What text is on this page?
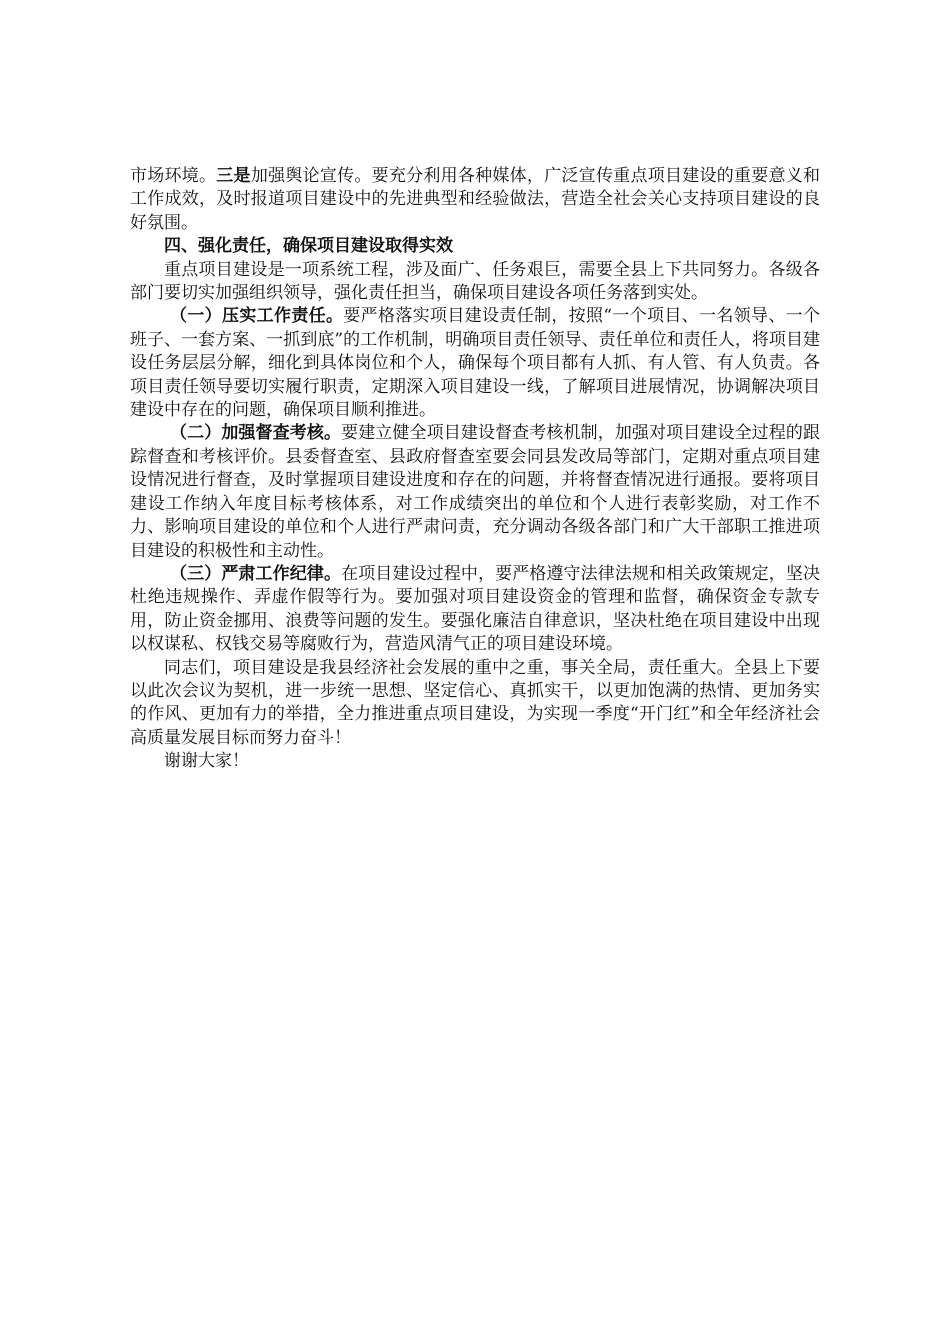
市场环境。三是加强舆论宣传。要充分利用各种媒体，广泛宣传重点项目建设的重要意义和工作成效，及时报道项目建设中的先进典型和经验做法，营造全社会关心支持项目建设的良好氛围。

四、强化责任，确保项目建设取得实效

重点项目建设是一项系统工程，涉及面广、任务艰巨，需要全县上下共同努力。各级各部门要切实加强组织领导，强化责任担当，确保项目建设各项任务落到实处。

（一）压实工作责任。要严格落实项目建设责任制，按照“一个项目、一名领导、一个班子、一套方案、一抓到底”的工作机制，明确项目责任领导、责任单位和责任人，将项目建设任务层层分解，细化到具体岗位和个人，确保每个项目都有人抓、有人管、有人负责。各项目责任领导要切实履行职责，定期深入项目建设一线，了解项目进展情况，协调解决项目建设中存在的问题，确保项目顺利推进。

（二）加强督查考核。要建立健全项目建设督查考核机制，加强对项目建设全过程的跟踪督查和考核评价。县委督查室、县政府督查室要会同县发改局等部门，定期对重点项目建设情况进行督查，及时掌握项目建设进度和存在的问题，并将督查情况进行通报。要将项目建设工作纳入年度目标考核体系，对工作成绩突出的单位和个人进行表彰奖励，对工作不力、影响项目建设的单位和个人进行严肃问责，充分调动各级各部门和广大干部职工推进项目建设的积极性和主动性。

（三）严肃工作纪律。在项目建设过程中，要严格遵守法律法规和相关政策规定，坚决杜绝违规操作、弄虚作假等行为。要加强对项目建设资金的管理和监督，确保资金专款专用，防止资金挪用、浪费等问题的发生。要强化廉洁自律意识，坚决杜绝在项目建设中出现以权谋私、权钱交易等腐败行为，营造风清气正的项目建设环境。

同志们，项目建设是我县经济社会发展的重中之重，事关全局，责任重大。全县上下要以此次会议为契机，进一步统一思想、坚定信心、真抓实干，以更加饱满的热情、更加务实的作风、更加有力的举措，全力推进重点项目建设，为实现一季度“开门红”和全年经济社会高质量发展目标而努力奋斗！

谢谢大家！
